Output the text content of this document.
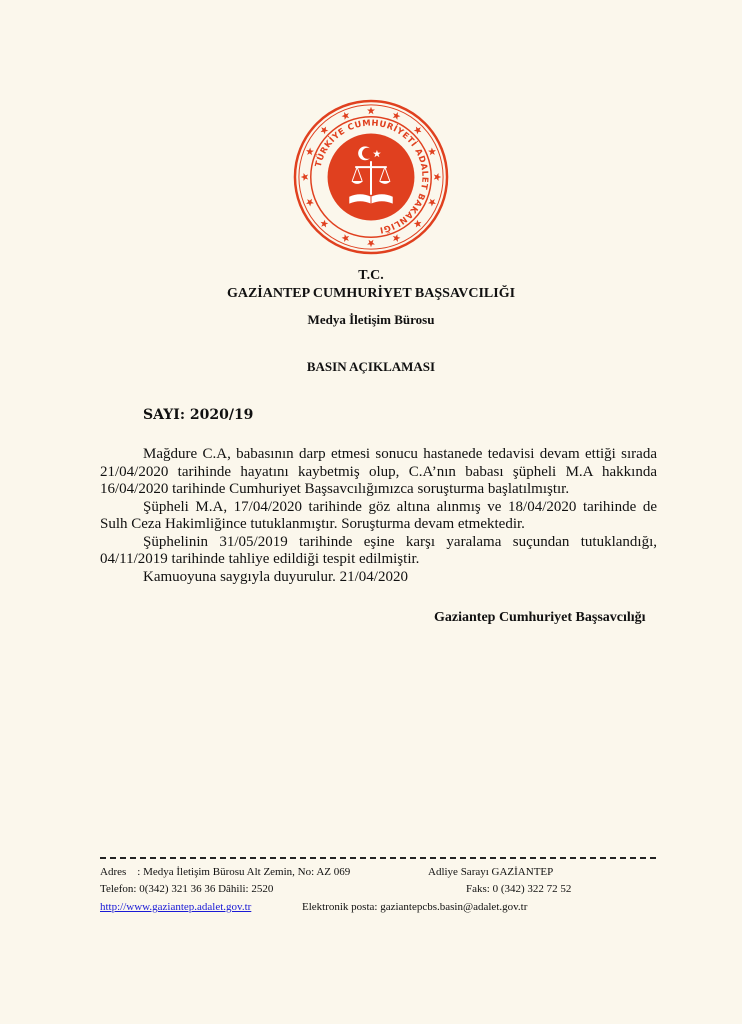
TÜRKİYE CUMHURİYETİ ADALET BAKANLIĞI
T.C.
GAZİANTEP CUMHURİYET BAŞSAVCILIĞI
Medya İletişim Bürosu
BASIN AÇIKLAMASI
SAYI: 2020/19

Mağdure C.A, babasının darp etmesi sonucu hastanede tedavisi devam ettiği sırada 21/04/2020 tarihinde hayatını kaybetmiş olup, C.A’nın babası şüpheli M.A hakkında 16/04/2020 tarihinde Cumhuriyet Başsavcılığımızca soruşturma başlatılmıştır.

Şüpheli M.A, 17/04/2020 tarihinde göz altına alınmış ve 18/04/2020 tarihinde de Sulh Ceza Hakimliğince tutuklanmıştır. Soruşturma devam etmektedir.

Şüphelinin 31/05/2019 tarihinde eşine karşı yaralama suçundan tutuklandığı, 04/11/2019 tarihinde tahliye edildiği tespit edilmiştir.

Kamuoyuna saygıyla duyurulur. 21/04/2020

Gaziantep Cumhuriyet Başsavcılığı
Adres    : Medya İletişim Bürosu Alt Zemin, No: AZ 069	Adliye Sarayı GAZİANTEP
Telefon: 0(342) 321 36 36 Dâhili: 2520	Faks: 0 (342) 322 72 52
http://www.gaziantep.adalet.gov.tr	Elektronik posta: gaziantepcbs.basin@adalet.gov.tr
